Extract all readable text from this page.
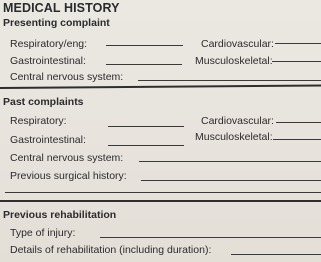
MEDICAL HISTORY
Presenting complaint
Respiratory/eng:	Cardiovascular:
Gastrointestinal:	Musculoskeletal:
Central nervous system:
Past complaints
Respiratory:	Cardiovascular:
Gastrointestinal:	Musculoskeletal:
Central nervous system:
Previous surgical history:
Previous rehabilitation
Type of injury:
Details of rehabilitation (including duration):
